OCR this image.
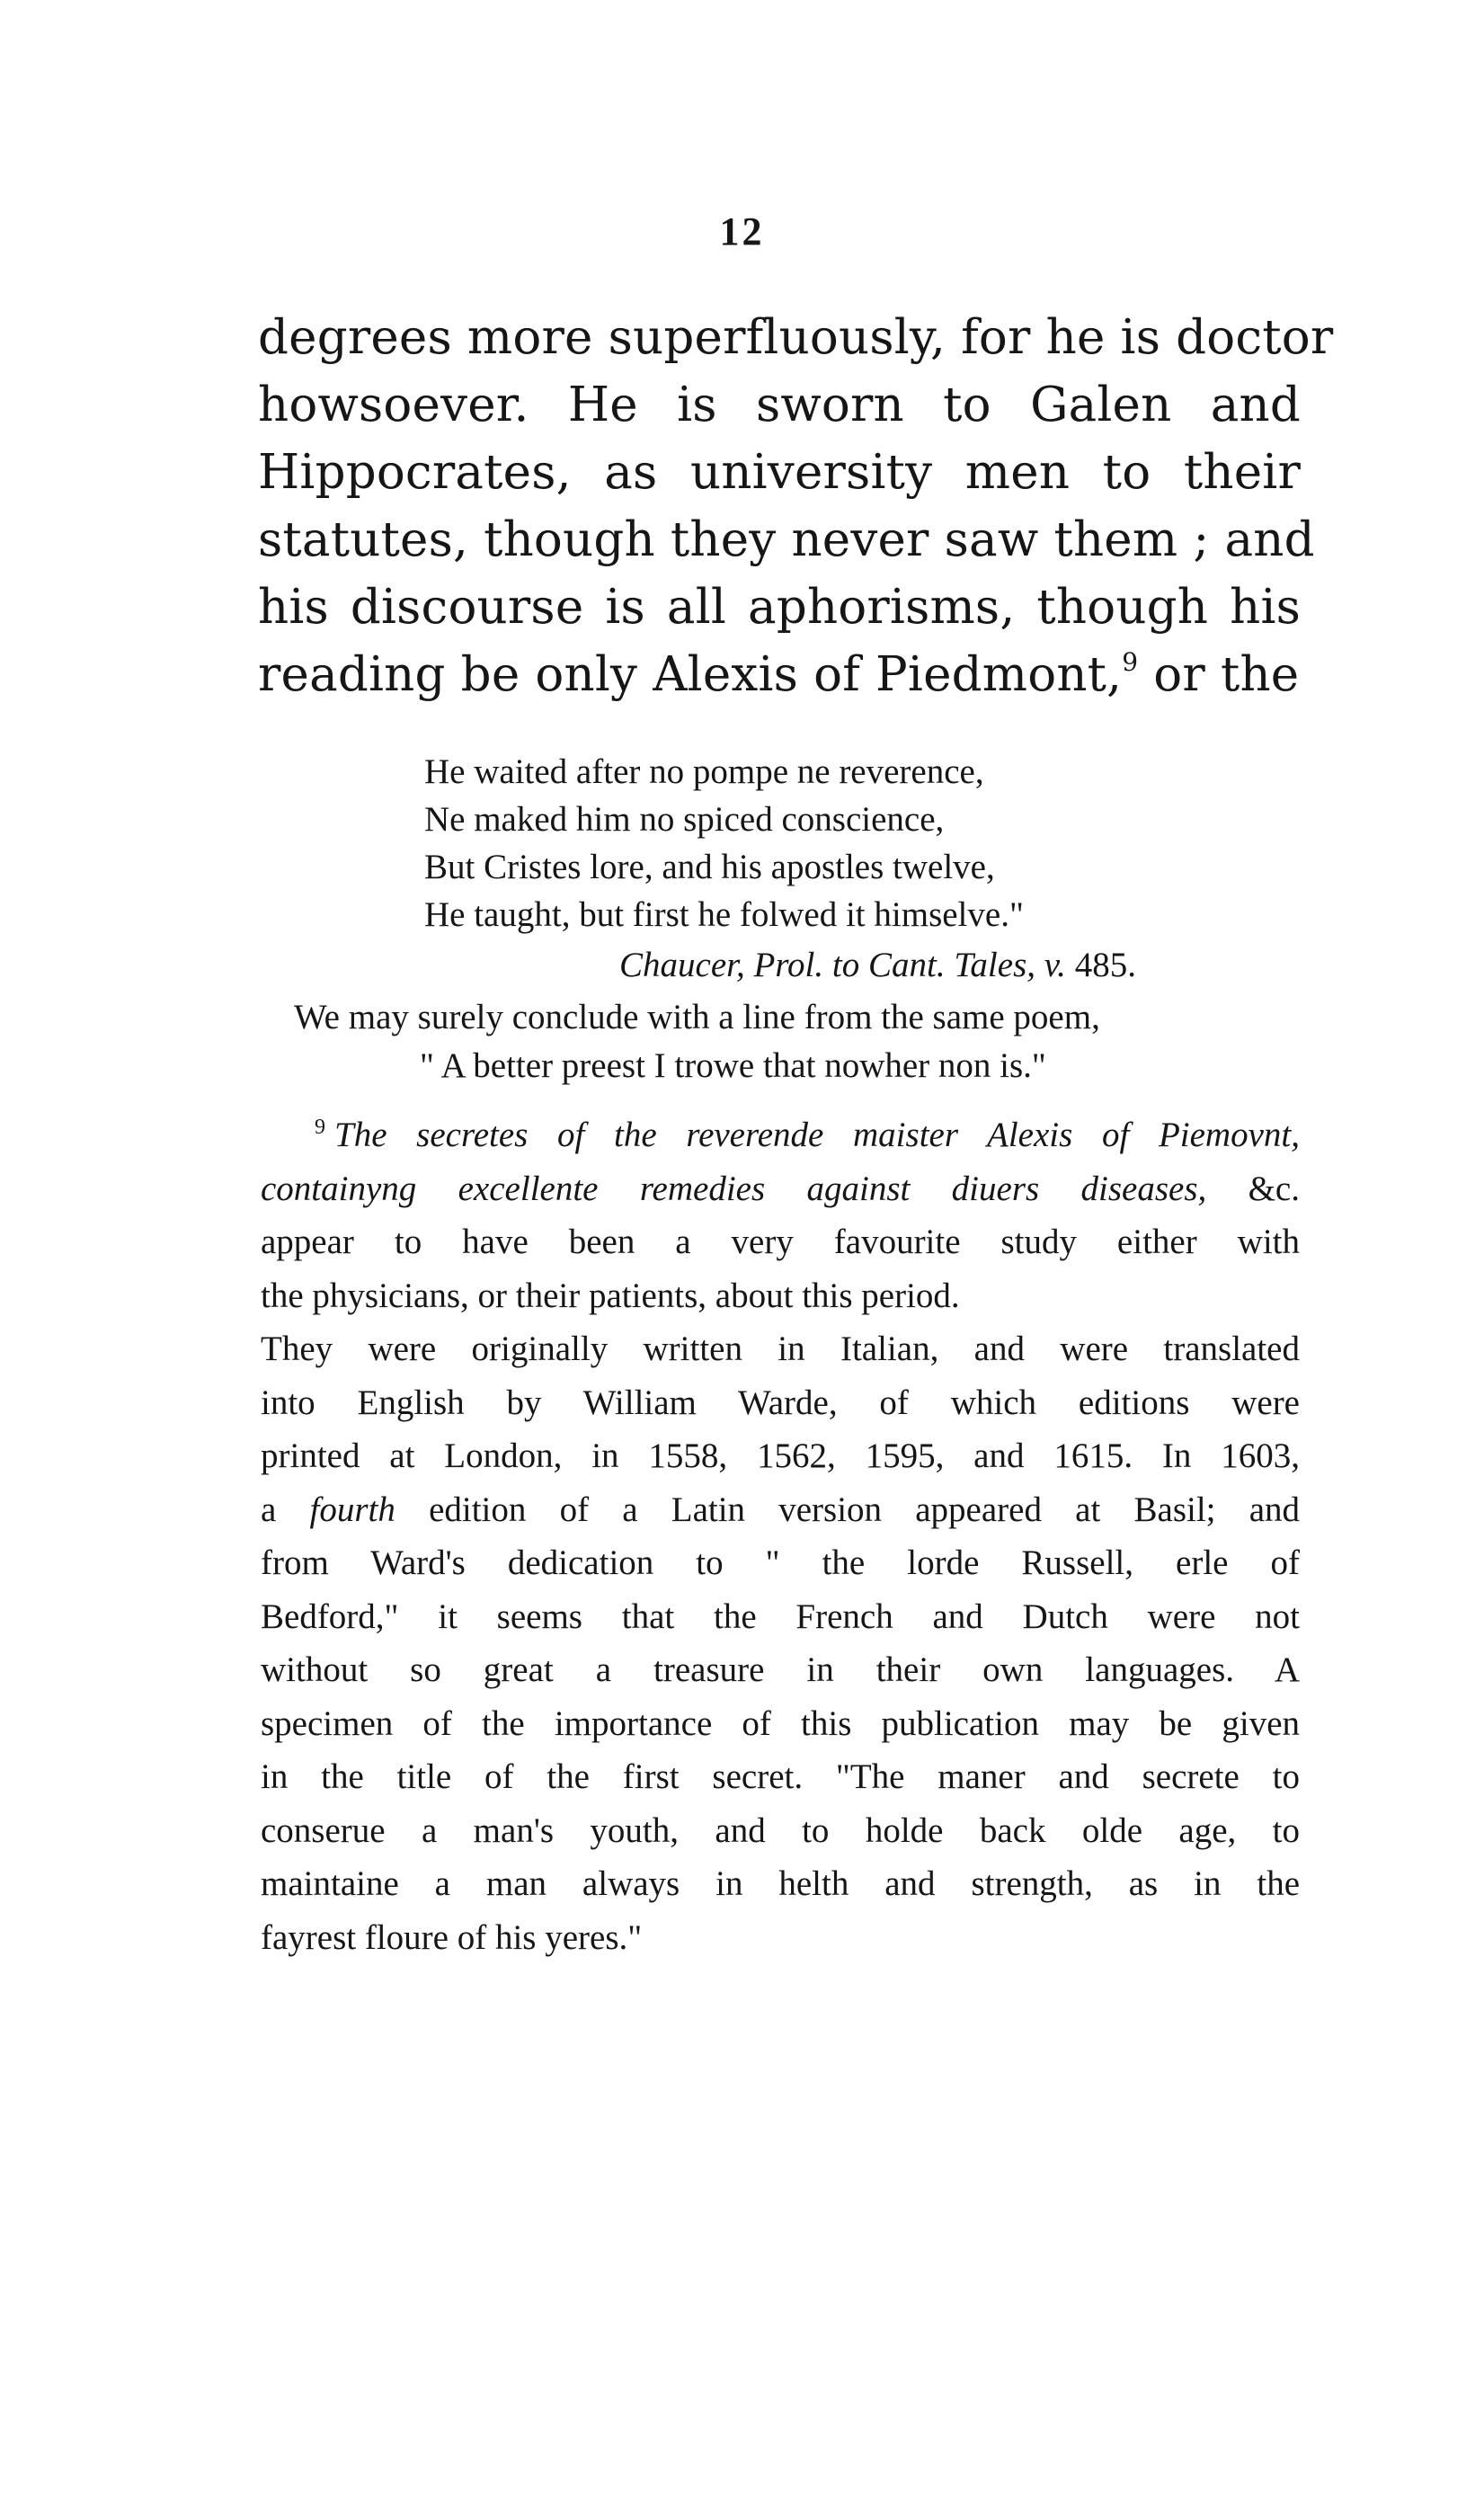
12
degrees more superfluously, for he is doctor
howsoever. He is sworn to Galen and
Hippocrates, as university men to their
statutes, though they never saw them ; and
his discourse is all aphorisms, though his
reading be only Alexis of Piedmont,$^9$ or the
He waited after no pompe ne reverence,
Ne maked him no spiced conscience,
But Cristes lore, and his apostles twelve,
He taught, but first he folwed it himselve."
Chaucer, Prol. to Cant. Tales, v. 485.
We may surely conclude with a line from the same poem,
" A better preest I trowe that nowher non is."
$^9$ The secretes of the reverende maister Alexis of Piemovnt,
containyng excellente remedies against diuers diseases, &c.
appear to have been a very favourite study either with
the physicians, or their patients, about this period.
They were originally written in Italian, and were translated
into English by William Warde, of which editions were
printed at London, in 1558, 1562, 1595, and 1615. In 1603,
a fourth edition of a Latin version appeared at Basil; and
from Ward's dedication to " the lorde Russell, erle of
Bedford," it seems that the French and Dutch were not
without so great a treasure in their own languages. A
specimen of the importance of this publication may be given
in the title of the first secret. "The maner and secrete to
conserue a man's youth, and to holde back olde age, to
maintaine a man always in helth and strength, as in the
fayrest floure of his yeres."
